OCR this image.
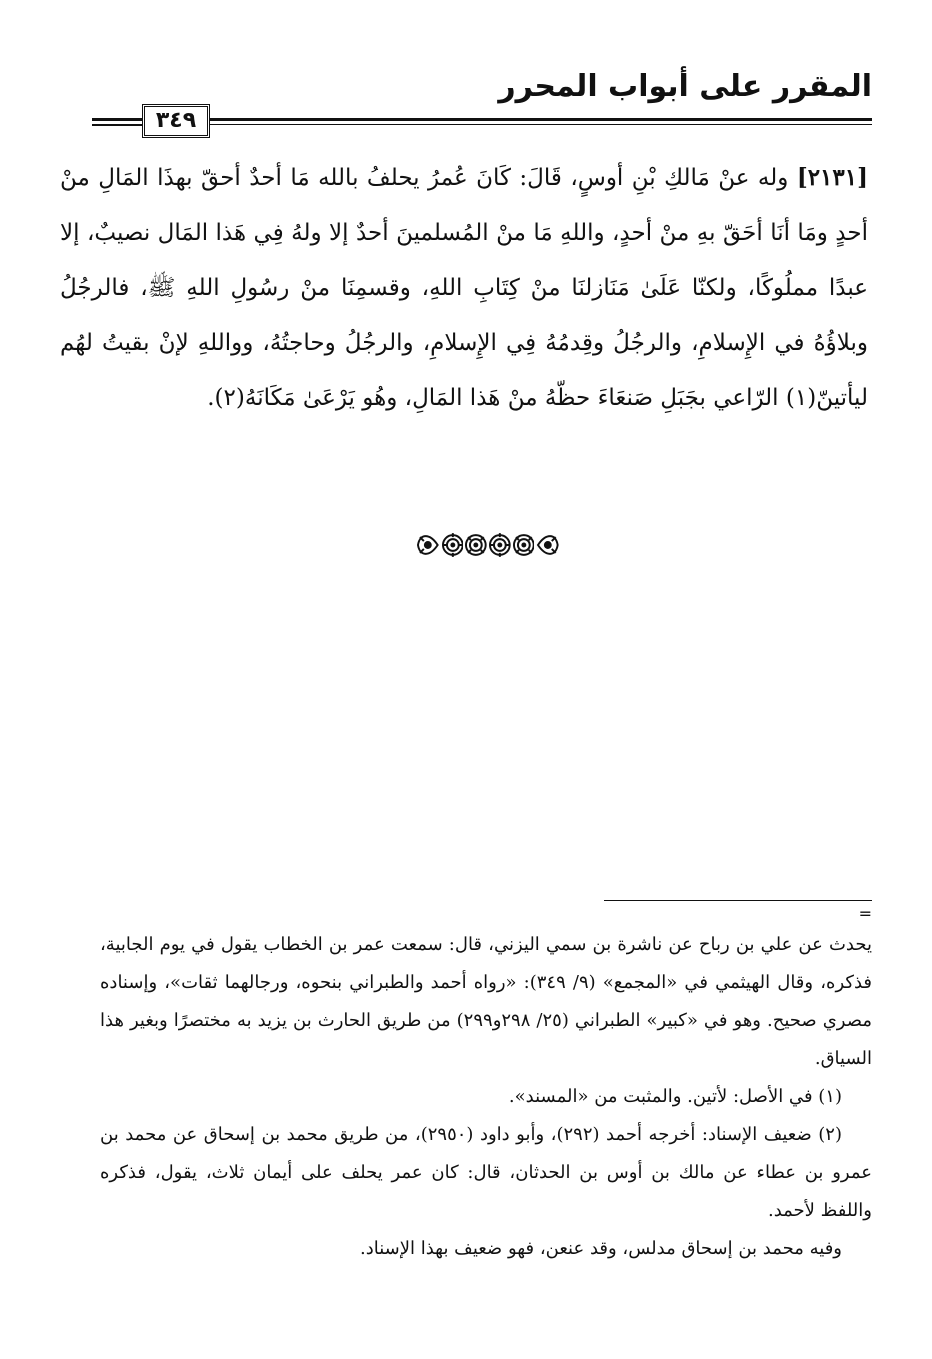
المقرر على أبواب المحرر
٣٤٩
[٢١٣١] وله عنْ مَالكِ بْنِ أوسٍ، قَالَ: كَانَ عُمرُ يحلفُ بالله مَا أحدٌ أحقّ بهذَا المَالِ منْ أحدٍ ومَا أنَا أحَقّ بهِ منْ أحدٍ، واللهِ مَا منْ المُسلمينَ أحدٌ إلا ولهُ فِي هَذا المَال نصيبٌ، إلا عبدًا مملُوكًا، ولكنّا عَلَىٰ مَنَازلنَا منْ كِتَابِ اللهِ، وقسمِنَا منْ رسُولِ اللهِ ﷺ، فالرجُلُ وبلاؤُهُ في الإِسلامِ، والرجُلُ وقِدمُهُ فِي الإِسلامِ، والرجُلُ وحاجتُهُ، وواللهِ لإنْ بقيتُ لهُم ليأتينّ(١) الرّاعي بجَبَلِ صَنعَاءَ حظّهُ منْ هَذا المَالِ، وهُو يَرْعَىٰ مَكَانَهُ(٢).
=

يحدث عن علي بن رباح عن ناشرة بن سمي اليزني، قال: سمعت عمر بن الخطاب يقول في يوم الجابية، فذكره، وقال الهيثمي في «المجمع» (٩/ ٣٤٩): «رواه أحمد والطبراني بنحوه، ورجالهما ثقات»، وإسناده مصري صحيح. وهو في «كبير» الطبراني (٢٥/ ٢٩٨و٢٩٩) من طريق الحارث بن يزيد به مختصرًا وبغير هذا السياق.

(١) في الأصل: لأتين. والمثبت من «المسند».

(٢) ضعيف الإسناد: أخرجه أحمد (٢٩٢)، وأبو داود (٢٩٥٠)، من طريق محمد بن إسحاق عن محمد بن عمرو بن عطاء عن مالك بن أوس بن الحدثان، قال: كان عمر يحلف على أيمان ثلاث، يقول، فذكره واللفظ لأحمد.

وفيه محمد بن إسحاق مدلس، وقد عنعن، فهو ضعيف بهذا الإسناد.
